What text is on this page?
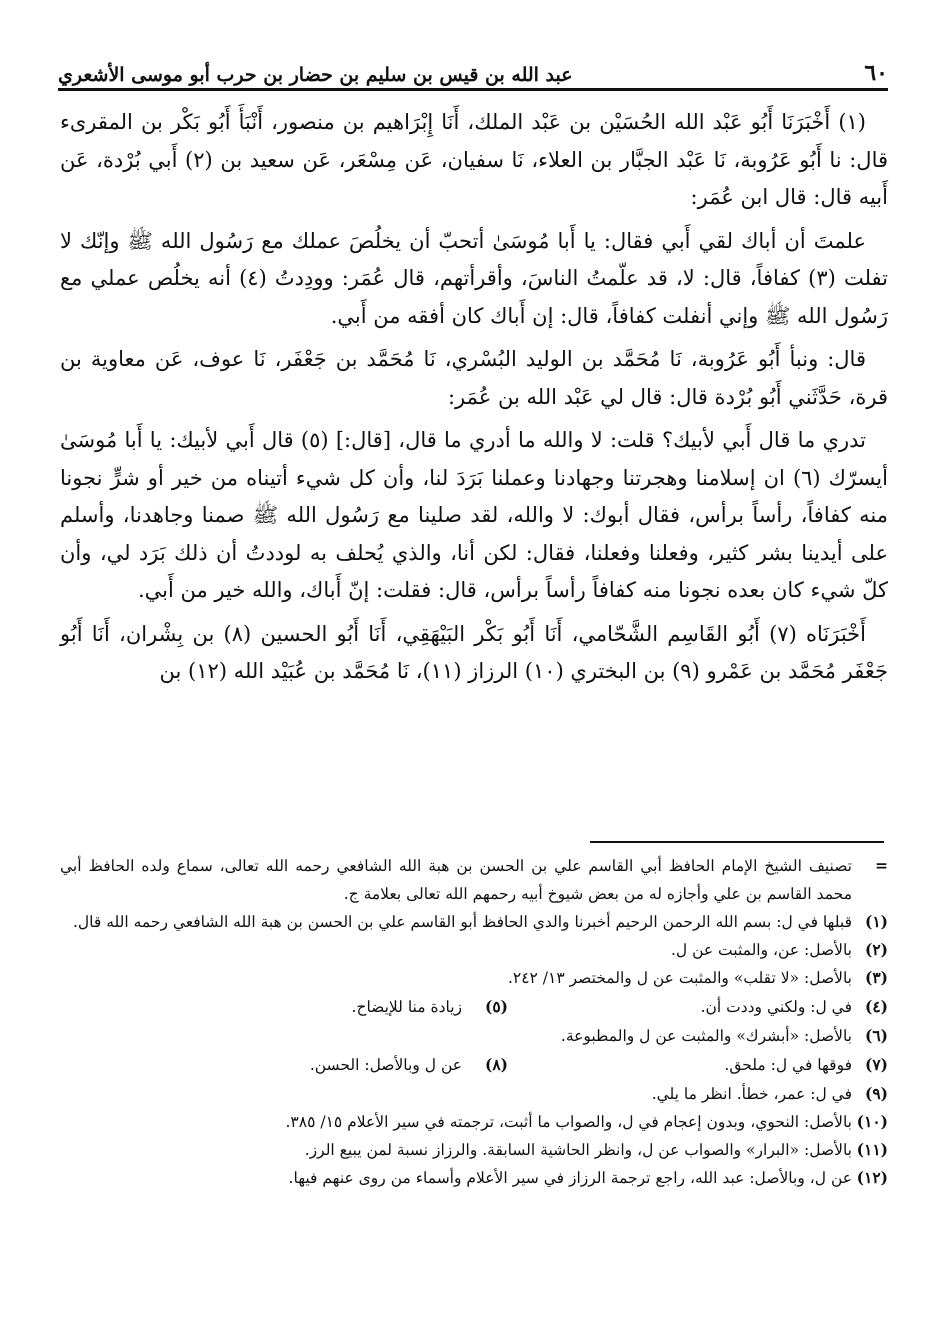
٦٠
عبد الله بن قيس بن سليم بن حضار بن حرب أبو موسى الأشعري

(١) أَخْبَرَنَا أَبُو عَبْد الله الحُسَيْن بن عَبْد الملك، أَنَا إِبْرَاهيم بن منصور، أَنْبَأَ أَبُو بَكْر بن المقرىء قال: نا أَبُو عَرُوبة، نَا عَبْد الجبَّار بن العلاء، نَا سفيان، عَن مِسْعَر، عَن سعيد بن (٢) أَبي بُرْدة، عَن أَبيه قال: قال ابن عُمَر:

علمتَ أن أباك لقي أَبي فقال: يا أَبا مُوسَىٰ أتحبّ أن يخلُصَ عملك مع رَسُول الله ﷺ وإنّك لا تفلت (٣) كفافاً، قال: لا، قد علّمتُ الناسَ، وأقرأتهم، قال عُمَر: وودِدتُ (٤) أنه يخلُص عملي مع رَسُول الله ﷺ وإني أنفلت كفافاً، قال: إن أَباك كان أفقه من أَبي.

قال: ونبأ أَبُو عَرُوبة، نَا مُحَمَّد بن الوليد البُسْري، نَا مُحَمَّد بن جَعْفَر، نَا عوف، عَن معاوية بن قرة، حَدَّثَني أَبُو بُرْدة قال: قال لي عَبْد الله بن عُمَر:

تدري ما قال أَبي لأبيك؟ قلت: لا والله ما أدري ما قال، [قال:] (٥) قال أَبي لأبيك: يا أَبا مُوسَىٰ أيسرّك (٦) ان إسلامنا وهجرتنا وجهادنا وعملنا بَرَدَ لنا، وأن كل شيء أتيناه من خير أو شرٍّ نجونا منه كفافاً، رأساً برأس، فقال أبوك: لا والله، لقد صلينا مع رَسُول الله ﷺ صمنا وجاهدنا، وأسلم على أيدينا بشر كثير، وفعلنا وفعلنا، فقال: لكن أنا، والذي يُحلف به لوددتُ أن ذلك بَرَد لي، وأن كلّ شيء كان بعده نجونا منه كفافاً رأساً برأس، قال: فقلت: إنّ أَباك، والله خير من أَبي.

أَخْبَرَنَاه (٧) أَبُو القَاسِم الشَّحّامي، أَنَا أَبُو بَكْر البَيْهَقِي، أَنَا أَبُو الحسين (٨) بن بِشْران، أَنَا أَبُو جَعْفَر مُحَمَّد بن عَمْرو (٩) بن البختري (١٠) الرزاز (١١)، نَا مُحَمَّد بن عُبَيْد الله (١٢) بن

=
تصنيف الشيخ الإمام الحافظ أبي القاسم علي بن الحسن بن هبة الله الشافعي رحمه الله تعالى، سماع ولده الحافظ أبي محمد القاسم بن علي وأجازه له من بعض شيوخ أبيه رحمهم الله تعالى بعلامة ج.
(١)
قبلها في ل: بسم الله الرحمن الرحيم أخبرنا والدي الحافظ أبو القاسم علي بن الحسن بن هبة الله الشافعي رحمه الله قال.
(٢)
بالأصل: عن، والمثبت عن ل.
(٣)
بالأصل: «لا تقلب» والمثبت عن ل والمختصر ١٣/ ٢٤٢.
(٤)
في ل: ولكني وددت أن.
(٥)
زيادة منا للإيضاح.
(٦)
بالأصل: «أبشرك» والمثبت عن ل والمطبوعة.
(٧)
فوقها في ل: ملحق.
(٨)
عن ل وبالأصل: الحسن.
(٩)
في ل: عمر، خطأ. انظر ما يلي.
(١٠)
بالأصل: النحوي، وبدون إعجام في ل، والصواب ما أثبت، ترجمته في سير الأعلام ١٥/ ٣٨٥.
(١١)
بالأصل: «البرار» والصواب عن ل، وانظر الحاشية السابقة. والرزاز نسبة لمن يبيع الرز.
(١٢)
عن ل، وبالأصل: عبد الله، راجع ترجمة الرزاز في سير الأعلام وأسماء من روى عنهم فيها.
